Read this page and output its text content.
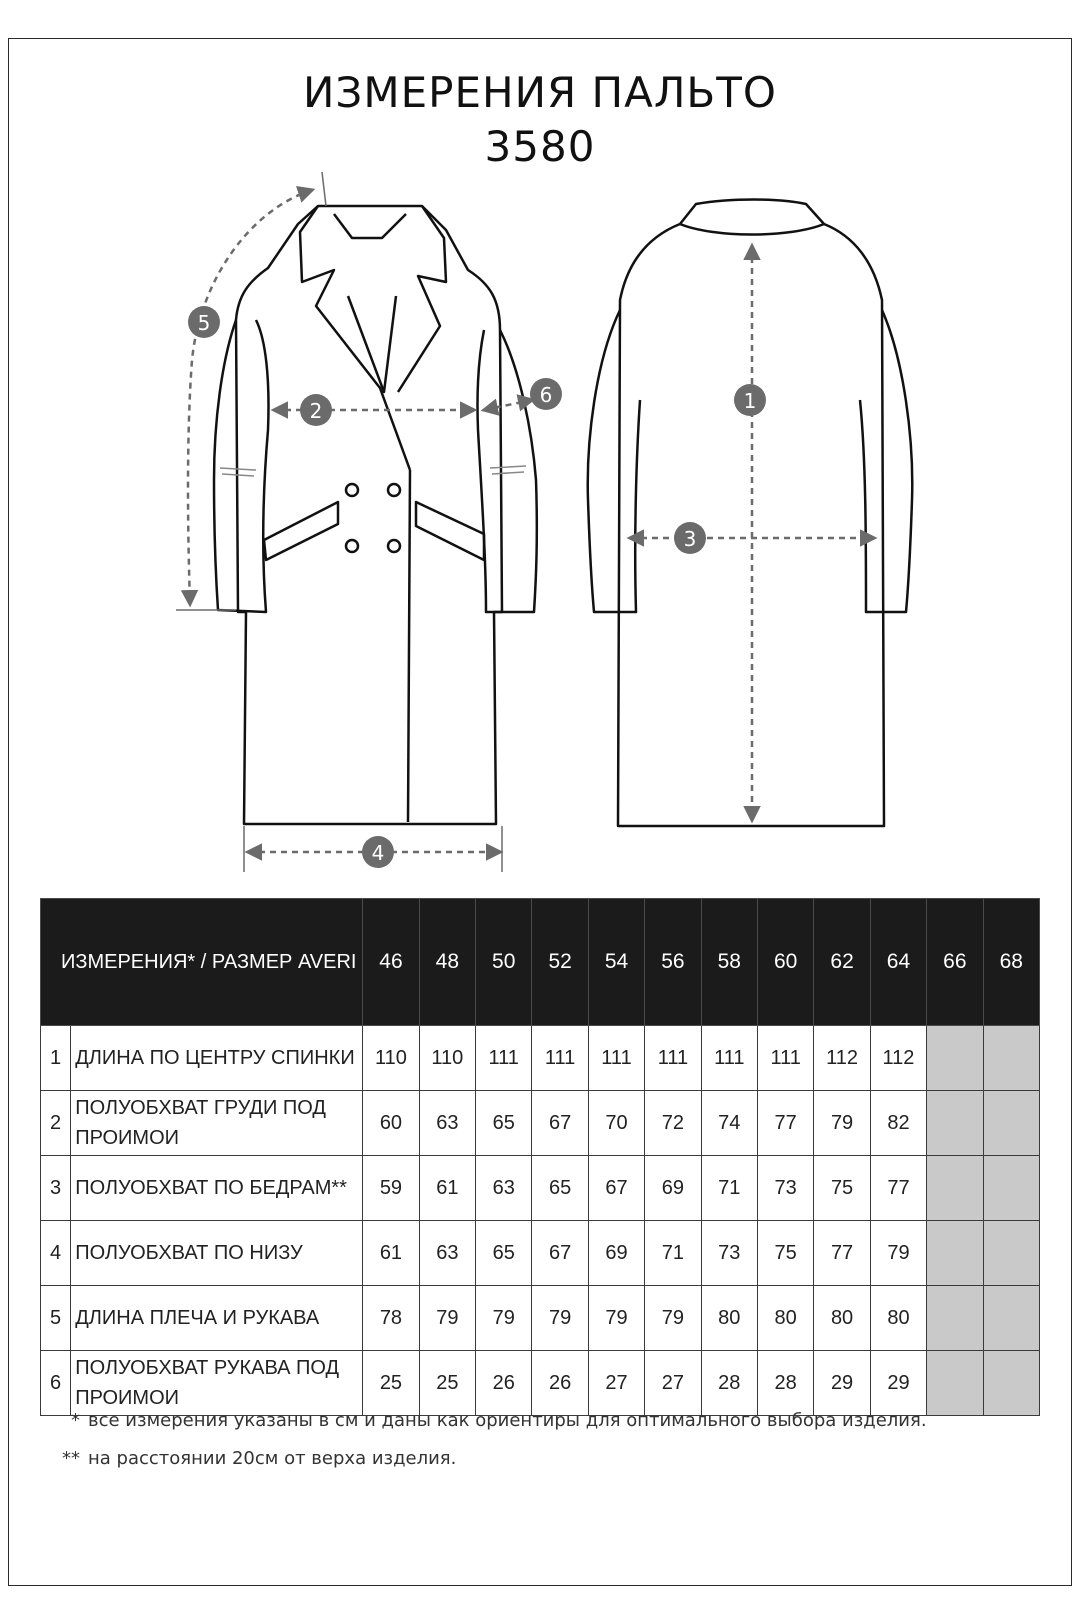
ИЗМЕРЕНИЯ ПАЛЬТО
3580
1
2
3
4
5
6
ИЗМЕРЕНИЯ* / РАЗМЕР AVERI		46	48	50	52	54	56	58	60	62	64	66	68
1	ДЛИНА ПО ЦЕНТРУ СПИНКИ	110	110	111	111	111	111	111	111	112	112		
2	ПОЛУОБХВАТ ГРУДИ ПОД ПРОИМОИ	60	63	65	67	70	72	74	77	79	82		
3	ПОЛУОБХВАТ ПО БЕДРАМ**	59	61	63	65	67	69	71	73	75	77		
4	ПОЛУОБХВАТ ПО НИЗУ	61	63	65	67	69	71	73	75	77	79		
5	ДЛИНА ПЛЕЧА И РУКАВА	78	79	79	79	79	79	80	80	80	80		
6	ПОЛУОБХВАТ РУКАВА ПОД ПРОИМОИ	25	25	26	26	27	27	28	28	29	29		
* все измерения указаны в см и даны как ориентиры для оптимального выбора изделия.
** на расстоянии 20см от верха изделия.
